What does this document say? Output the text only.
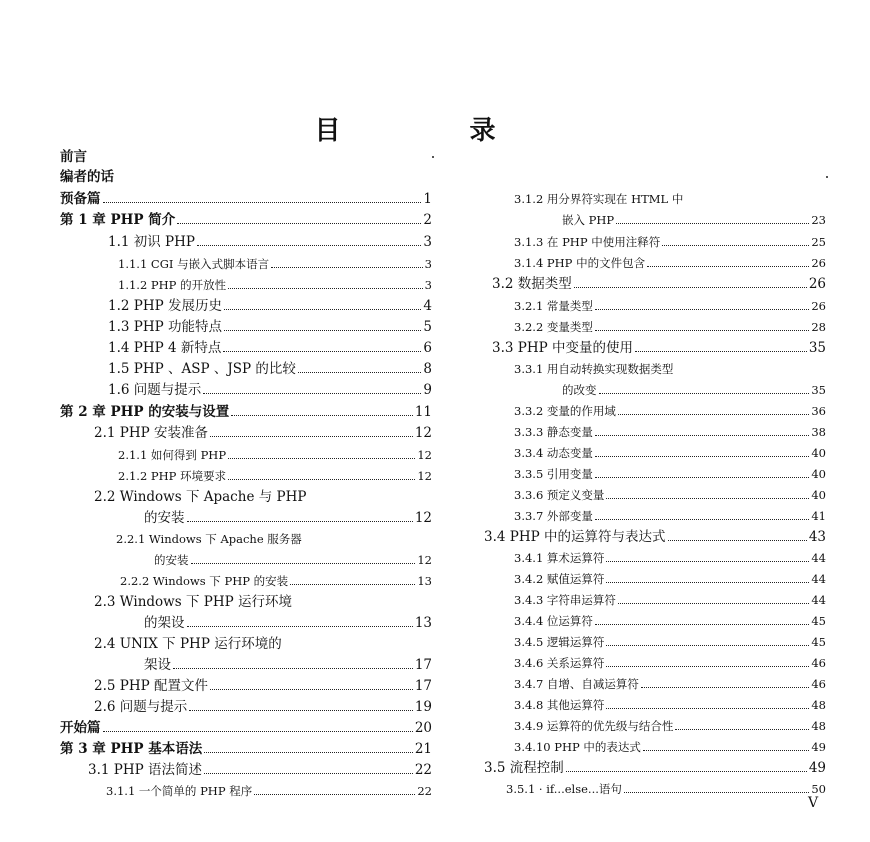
目 录
前言
编者的话
预备篇	1
第 1 章 PHP 简介	2
1.1 初识 PHP	3
1.1.1 CGI 与嵌入式脚本语言	3
1.1.2 PHP 的开放性	3
1.2 PHP 发展历史	4
1.3 PHP 功能特点	5
1.4 PHP 4 新特点	6
1.5 PHP 、ASP 、JSP 的比较	8
1.6 问题与提示	9
第 2 章 PHP 的安装与设置	11
2.1 PHP 安装准备	12
2.1.1 如何得到 PHP	12
2.1.2 PHP 环境要求	12
2.2 Windows 下 Apache 与 PHP
的安装	12
2.2.1 Windows 下 Apache 服务器
的安装	12
2.2.2 Windows 下 PHP 的安装	13
2.3 Windows 下 PHP 运行环境
的架设	13
2.4 UNIX 下 PHP 运行环境的
架设	17
2.5 PHP 配置文件	17
2.6 问题与提示	19
开始篇	20
第 3 章 PHP 基本语法	21
3.1 PHP 语法简述	22
3.1.1 一个简单的 PHP 程序	22
3.1.2 用分界符实现在 HTML 中
嵌入 PHP	23
3.1.3 在 PHP 中使用注释符	25
3.1.4 PHP 中的文件包含	26
3.2 数据类型	26
3.2.1 常量类型	26
3.2.2 变量类型	28
3.3 PHP 中变量的使用	35
3.3.1 用自动转换实现数据类型
的改变	35
3.3.2 变量的作用域	36
3.3.3 静态变量	38
3.3.4 动态变量	40
3.3.5 引用变量	40
3.3.6 预定义变量	40
3.3.7 外部变量	41
3.4 PHP 中的运算符与表达式	43
3.4.1 算术运算符	44
3.4.2 赋值运算符	44
3.4.3 字符串运算符	44
3.4.4 位运算符	45
3.4.5 逻辑运算符	45
3.4.6 关系运算符	46
3.4.7 自增、自减运算符	46
3.4.8 其他运算符	48
3.4.9 运算符的优先级与结合性	48
3.4.10 PHP 中的表达式	49
3.5 流程控制	49
3.5.1 · if...else...语句	50
V
